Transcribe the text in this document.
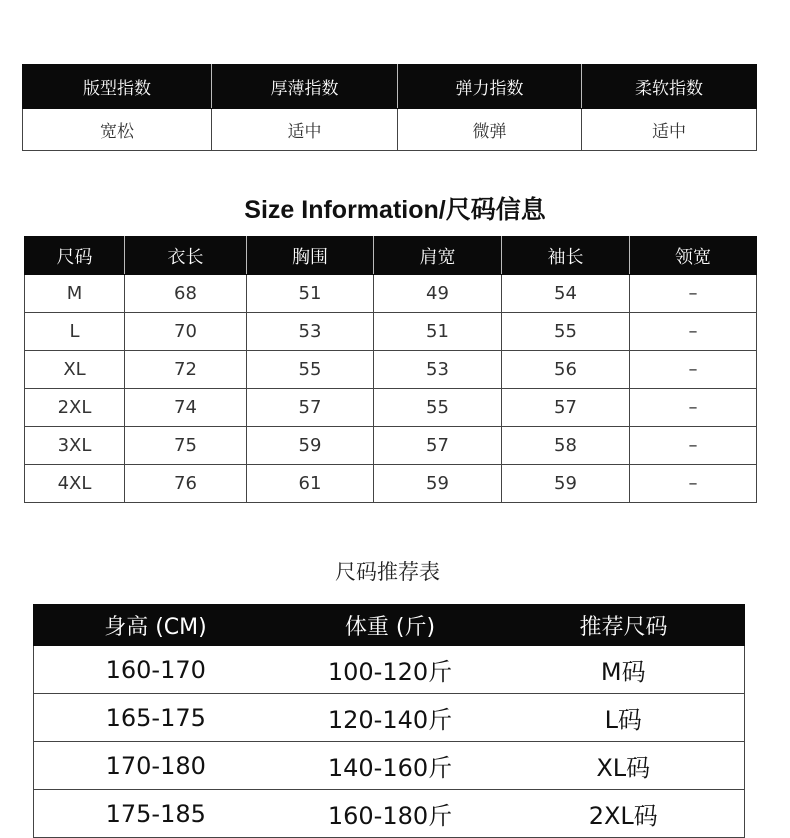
版型指数	厚薄指数	弹力指数	柔软指数
宽松	适中	微弹	适中
Size Information/尺码信息
尺码	衣长	胸围	肩宽	袖长	领宽
M	68	51	49	54	–
L	70	53	51	55	–
XL	72	55	53	56	–
2XL	74	57	55	57	–
3XL	75	59	57	58	–
4XL	76	61	59	59	–
尺码推荐表
身高 (CM)	体重 (斤)	推荐尺码
160-170	100-120斤	M码
165-175	120-140斤	L码
170-180	140-160斤	XL码
175-185	160-180斤	2XL码
